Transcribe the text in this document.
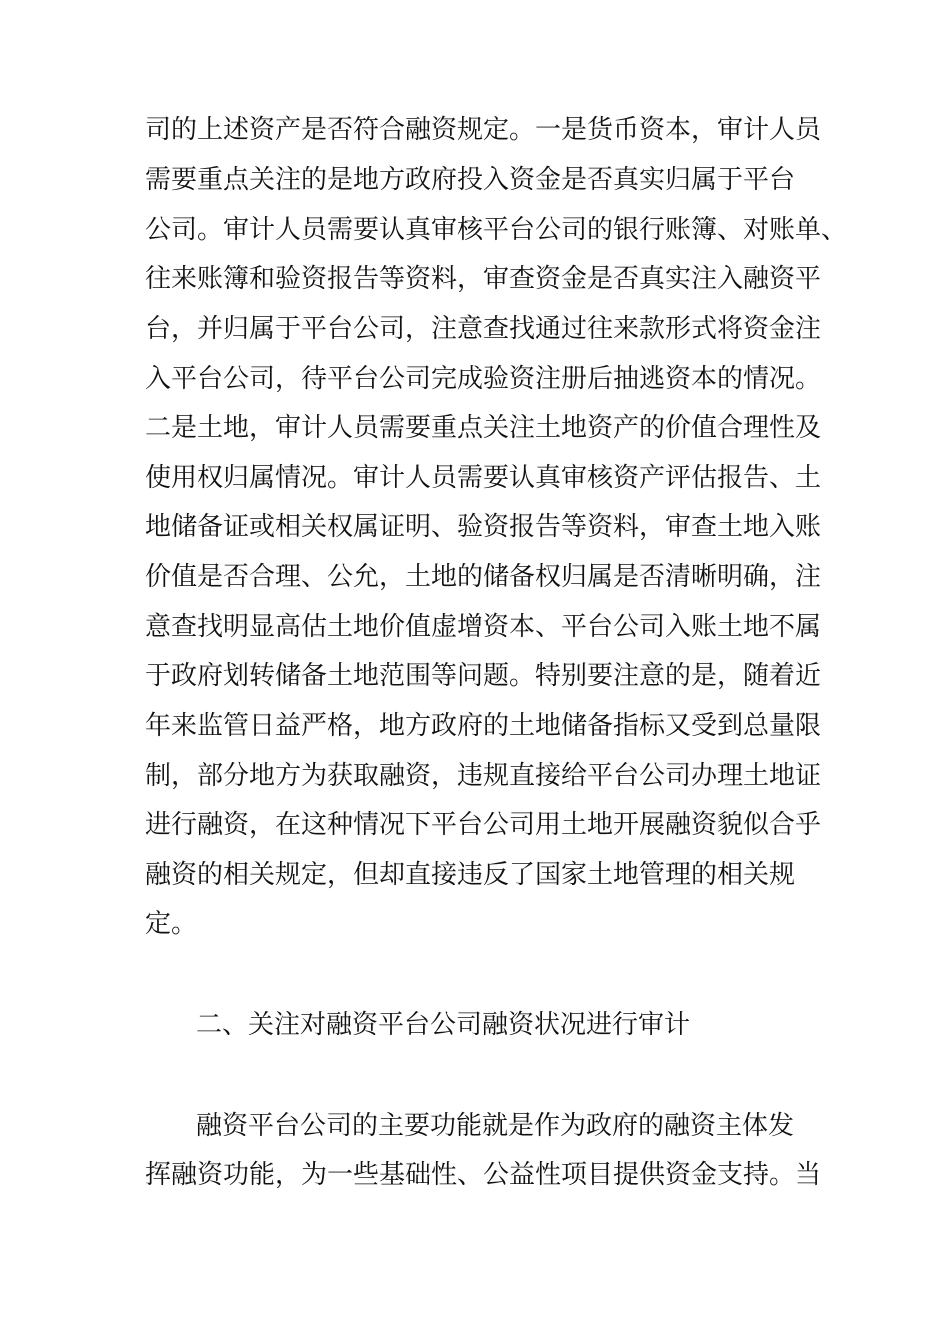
司的上述资产是否符合融资规定。一是货币资本，审计人员
需要重点关注的是地方政府投入资金是否真实归属于平台
公司。审计人员需要认真审核平台公司的银行账簿、对账单、
往来账簿和验资报告等资料，审查资金是否真实注入融资平
台，并归属于平台公司，注意查找通过往来款形式将资金注
入平台公司，待平台公司完成验资注册后抽逃资本的情况。
二是土地，审计人员需要重点关注土地资产的价值合理性及
使用权归属情况。审计人员需要认真审核资产评估报告、土
地储备证或相关权属证明、验资报告等资料，审查土地入账
价值是否合理、公允，土地的储备权归属是否清晰明确，注
意查找明显高估土地价值虚增资本、平台公司入账土地不属
于政府划转储备土地范围等问题。特别要注意的是，随着近
年来监管日益严格，地方政府的土地储备指标又受到总量限
制，部分地方为获取融资，违规直接给平台公司办理土地证
进行融资，在这种情况下平台公司用土地开展融资貌似合乎
融资的相关规定，但却直接违反了国家土地管理的相关规
定。
二、关注对融资平台公司融资状况进行审计
融资平台公司的主要功能就是作为政府的融资主体发
挥融资功能，为一些基础性、公益性项目提供资金支持。当
